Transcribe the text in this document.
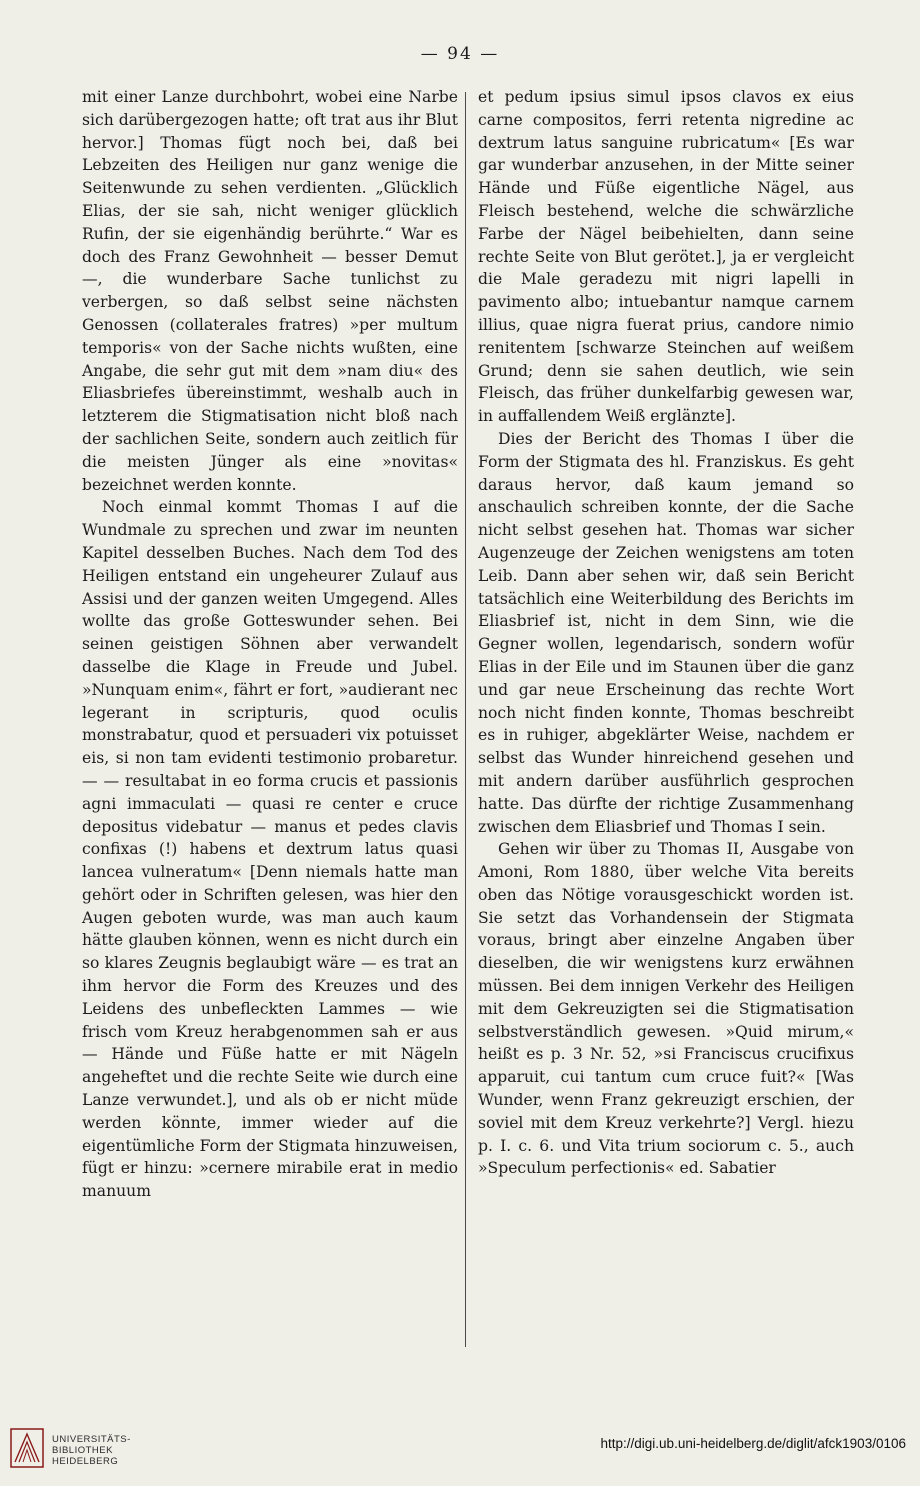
— 94 —

mit einer Lanze durchbohrt, wobei eine Narbe sich darübergezogen hatte; oft trat aus ihr Blut hervor.] Thomas fügt noch bei, daß bei Lebzeiten des Heiligen nur ganz wenige die Seitenwunde zu sehen verdienten. „Glücklich Elias, der sie sah, nicht weniger glücklich Rufin, der sie eigenhändig berührte.“ War es doch des Franz Gewohnheit — besser Demut —, die wunderbare Sache tunlichst zu verbergen, so daß selbst seine nächsten Genossen (collaterales fratres) »per multum temporis« von der Sache nichts wußten, eine Angabe, die sehr gut mit dem »nam diu« des Eliasbriefes übereinstimmt, weshalb auch in letzterem die Stigmatisation nicht bloß nach der sachlichen Seite, sondern auch zeitlich für die meisten Jünger als eine »novitas« bezeichnet werden konnte.

Noch einmal kommt Thomas I auf die Wundmale zu sprechen und zwar im neunten Kapitel desselben Buches. Nach dem Tod des Heiligen entstand ein ungeheurer Zulauf aus Assisi und der ganzen weiten Umgegend. Alles wollte das große Gotteswunder sehen. Bei seinen geistigen Söhnen aber verwandelt dasselbe die Klage in Freude und Jubel. »Nunquam enim«, fährt er fort, »audierant nec legerant in scripturis, quod oculis monstrabatur, quod et persuaderi vix potuisset eis, si non tam evidenti testimonio probaretur. — — resultabat in eo forma crucis et passionis agni immaculati — quasi re center e cruce depositus videbatur — manus et pedes clavis confixas (!) habens et dextrum latus quasi lancea vulneratum« [Denn niemals hatte man gehört oder in Schriften gelesen, was hier den Augen geboten wurde, was man auch kaum hätte glauben können, wenn es nicht durch ein so klares Zeugnis beglaubigt wäre — es trat an ihm hervor die Form des Kreuzes und des Leidens des unbefleckten Lammes — wie frisch vom Kreuz herabgenommen sah er aus — Hände und Füße hatte er mit Nägeln angeheftet und die rechte Seite wie durch eine Lanze verwundet.], und als ob er nicht müde werden könnte, immer wieder auf die eigentümliche Form der Stigmata hinzuweisen, fügt er hinzu: »cernere mirabile erat in medio manuum

et pedum ipsius simul ipsos clavos ex eius carne compositos, ferri retenta nigredine ac dextrum latus sanguine rubricatum« [Es war gar wunderbar anzusehen, in der Mitte seiner Hände und Füße eigentliche Nägel, aus Fleisch bestehend, welche die schwärzliche Farbe der Nägel beibehielten, dann seine rechte Seite von Blut gerötet.], ja er vergleicht die Male geradezu mit nigri lapelli in pavimento albo; intuebantur namque carnem illius, quae nigra fuerat prius, candore nimio renitentem [schwarze Steinchen auf weißem Grund; denn sie sahen deutlich, wie sein Fleisch, das früher dunkelfarbig gewesen war, in auffallendem Weiß erglänzte].

Dies der Bericht des Thomas I über die Form der Stigmata des hl. Franziskus. Es geht daraus hervor, daß kaum jemand so anschaulich schreiben konnte, der die Sache nicht selbst gesehen hat. Thomas war sicher Augenzeuge der Zeichen wenigstens am toten Leib. Dann aber sehen wir, daß sein Bericht tatsächlich eine Weiterbildung des Berichts im Eliasbrief ist, nicht in dem Sinn, wie die Gegner wollen, legendarisch, sondern wofür Elias in der Eile und im Staunen über die ganz und gar neue Erscheinung das rechte Wort noch nicht finden konnte, Thomas beschreibt es in ruhiger, abgeklärter Weise, nachdem er selbst das Wunder hinreichend gesehen und mit andern darüber ausführlich gesprochen hatte. Das dürfte der richtige Zusammenhang zwischen dem Eliasbrief und Thomas I sein.

Gehen wir über zu Thomas II, Ausgabe von Amoni, Rom 1880, über welche Vita bereits oben das Nötige vorausgeschickt worden ist. Sie setzt das Vorhandensein der Stigmata voraus, bringt aber einzelne Angaben über dieselben, die wir wenigstens kurz erwähnen müssen. Bei dem innigen Verkehr des Heiligen mit dem Gekreuzigten sei die Stigmatisation selbstverständlich gewesen. »Quid mirum,« heißt es p. 3 Nr. 52, »si Franciscus crucifixus apparuit, cui tantum cum cruce fuit?« [Was Wunder, wenn Franz gekreuzigt erschien, der soviel mit dem Kreuz verkehrte?] Vergl. hiezu p. I. c. 6. und Vita trium sociorum c. 5., auch »Speculum perfectionis« ed. Sabatier

UNIVERSITÄTS-
BIBLIOTHEK
HEIDELBERG
http://digi.ub.uni-heidelberg.de/diglit/afck1903/0106
